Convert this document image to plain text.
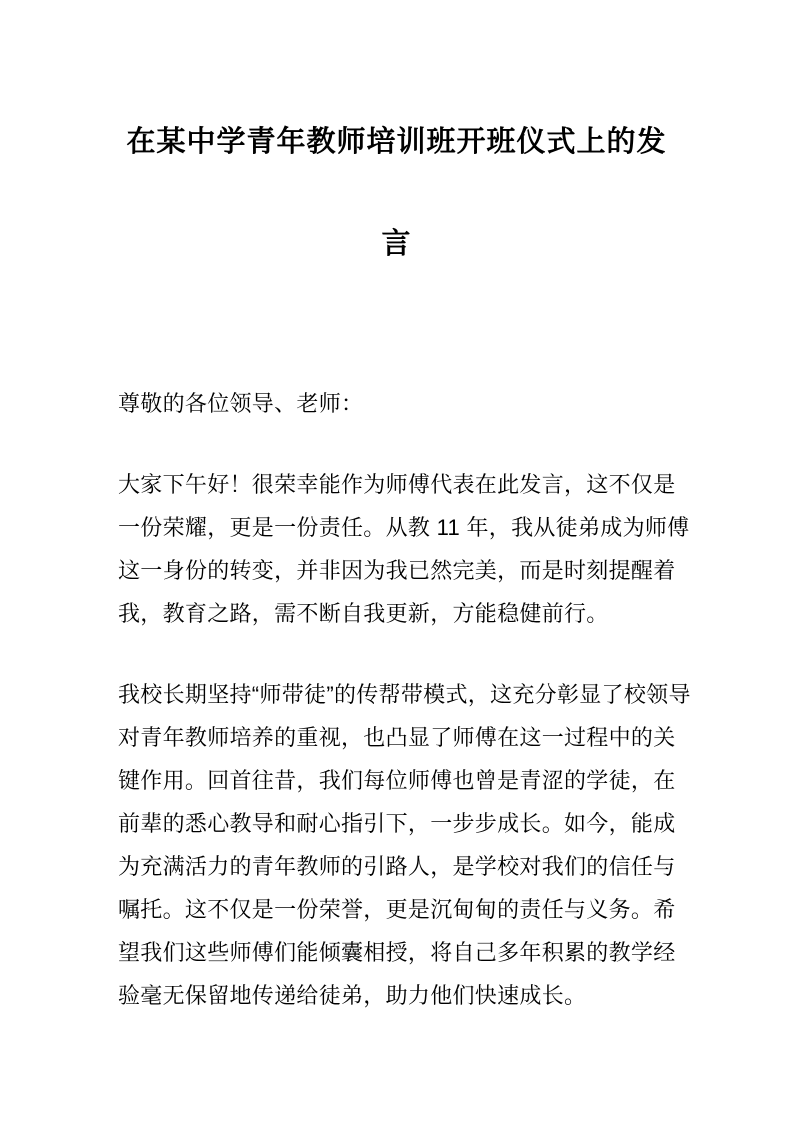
在某中学青年教师培训班开班仪式上的发
言
尊敬的各位领导、老师：
大家下午好！很荣幸能作为师傅代表在此发言，这不仅是
一份荣耀，更是一份责任。从教 11 年，我从徒弟成为师傅
这一身份的转变，并非因为我已然完美，而是时刻提醒着
我，教育之路，需不断自我更新，方能稳健前行。
我校长期坚持“师带徒”的传帮带模式，这充分彰显了校领导
对青年教师培养的重视，也凸显了师傅在这一过程中的关
键作用。回首往昔，我们每位师傅也曾是青涩的学徒，在
前辈的悉心教导和耐心指引下，一步步成长。如今，能成
为充满活力的青年教师的引路人，是学校对我们的信任与
嘱托。这不仅是一份荣誉，更是沉甸甸的责任与义务。希
望我们这些师傅们能倾囊相授，将自己多年积累的教学经
验毫无保留地传递给徒弟，助力他们快速成长。
